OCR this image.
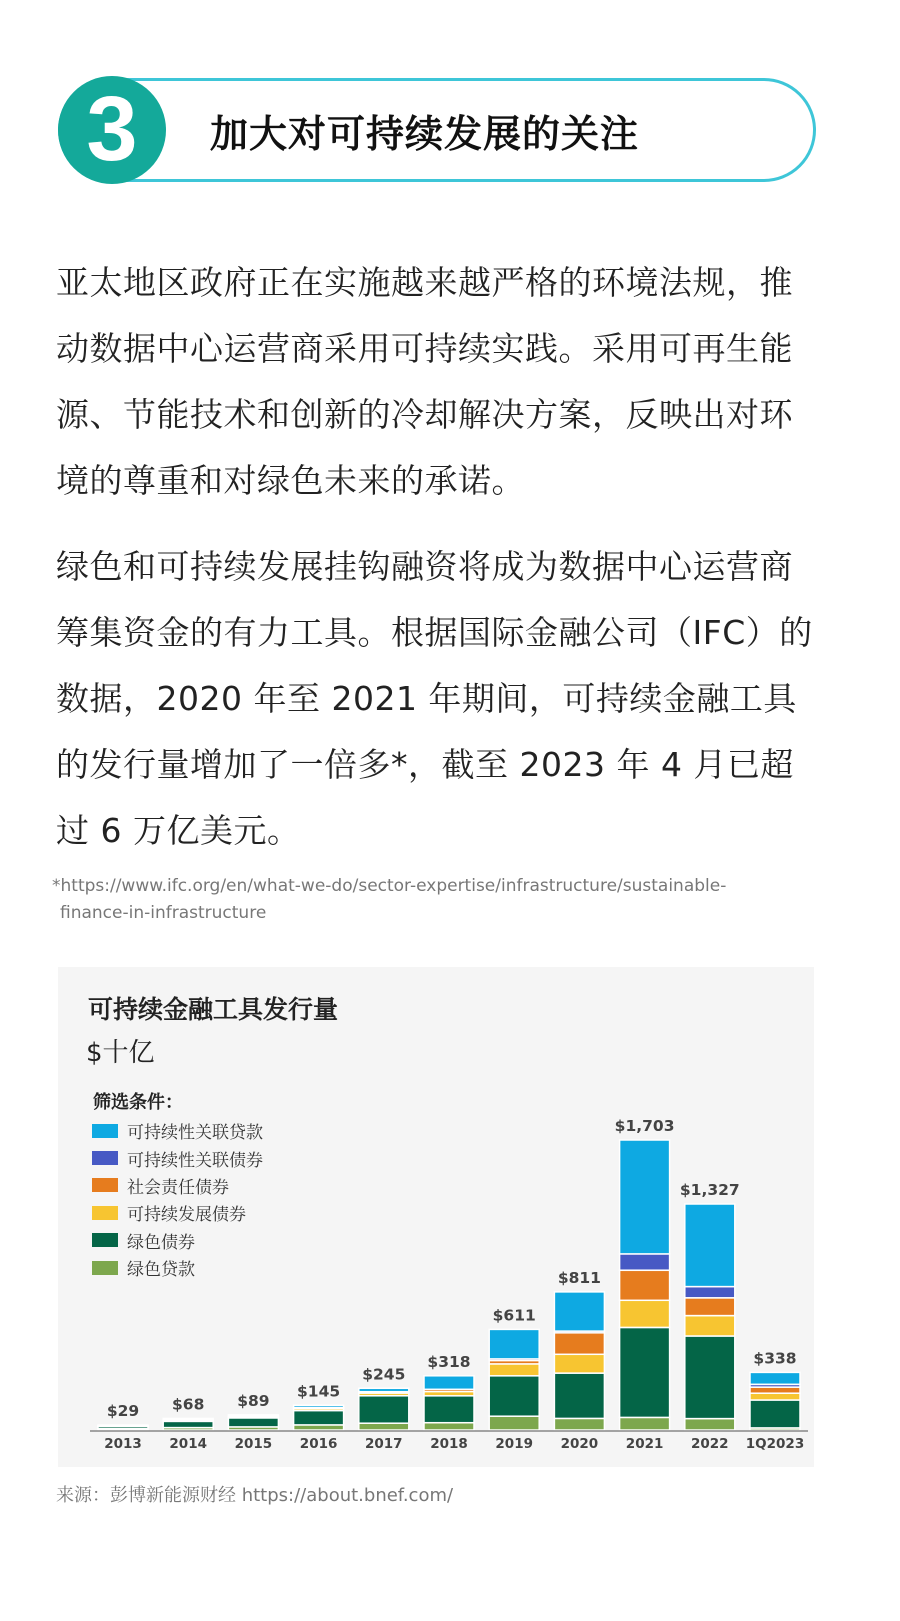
3 加大对可持续发展的关注
亚太地区政府正在实施越来越严格的环境法规，推动数据中心运营商采用可持续实践。采用可再生能源、节能技术和创新的冷却解决方案，反映出对环境的尊重和对绿色未来的承诺。
绿色和可持续发展挂钩融资将成为数据中心运营商筹集资金的有力工具。根据国际金融公司（IFC）的数据，2020 年至 2021 年期间，可持续金融工具的发行量增加了一倍多*，截至 2023 年 4 月已超过 6 万亿美元。
*https://www.ifc.org/en/what-we-do/sector-expertise/infrastructure/sustainable-
finance-in-infrastructure
可持续金融工具发行量
$十亿
筛选条件：
可持续性关联贷款
可持续性关联债券
社会责任债券
可持续发展债券
绿色债券
绿色贷款
$29
2013
$68
2014
$89
2015
$145
2016
$245
2017
$318
2018
$611
2019
$811
2020
$1,703
2021
$1,327
2022
$338
1Q2023
来源：彭博新能源财经 https://about.bnef.com/
